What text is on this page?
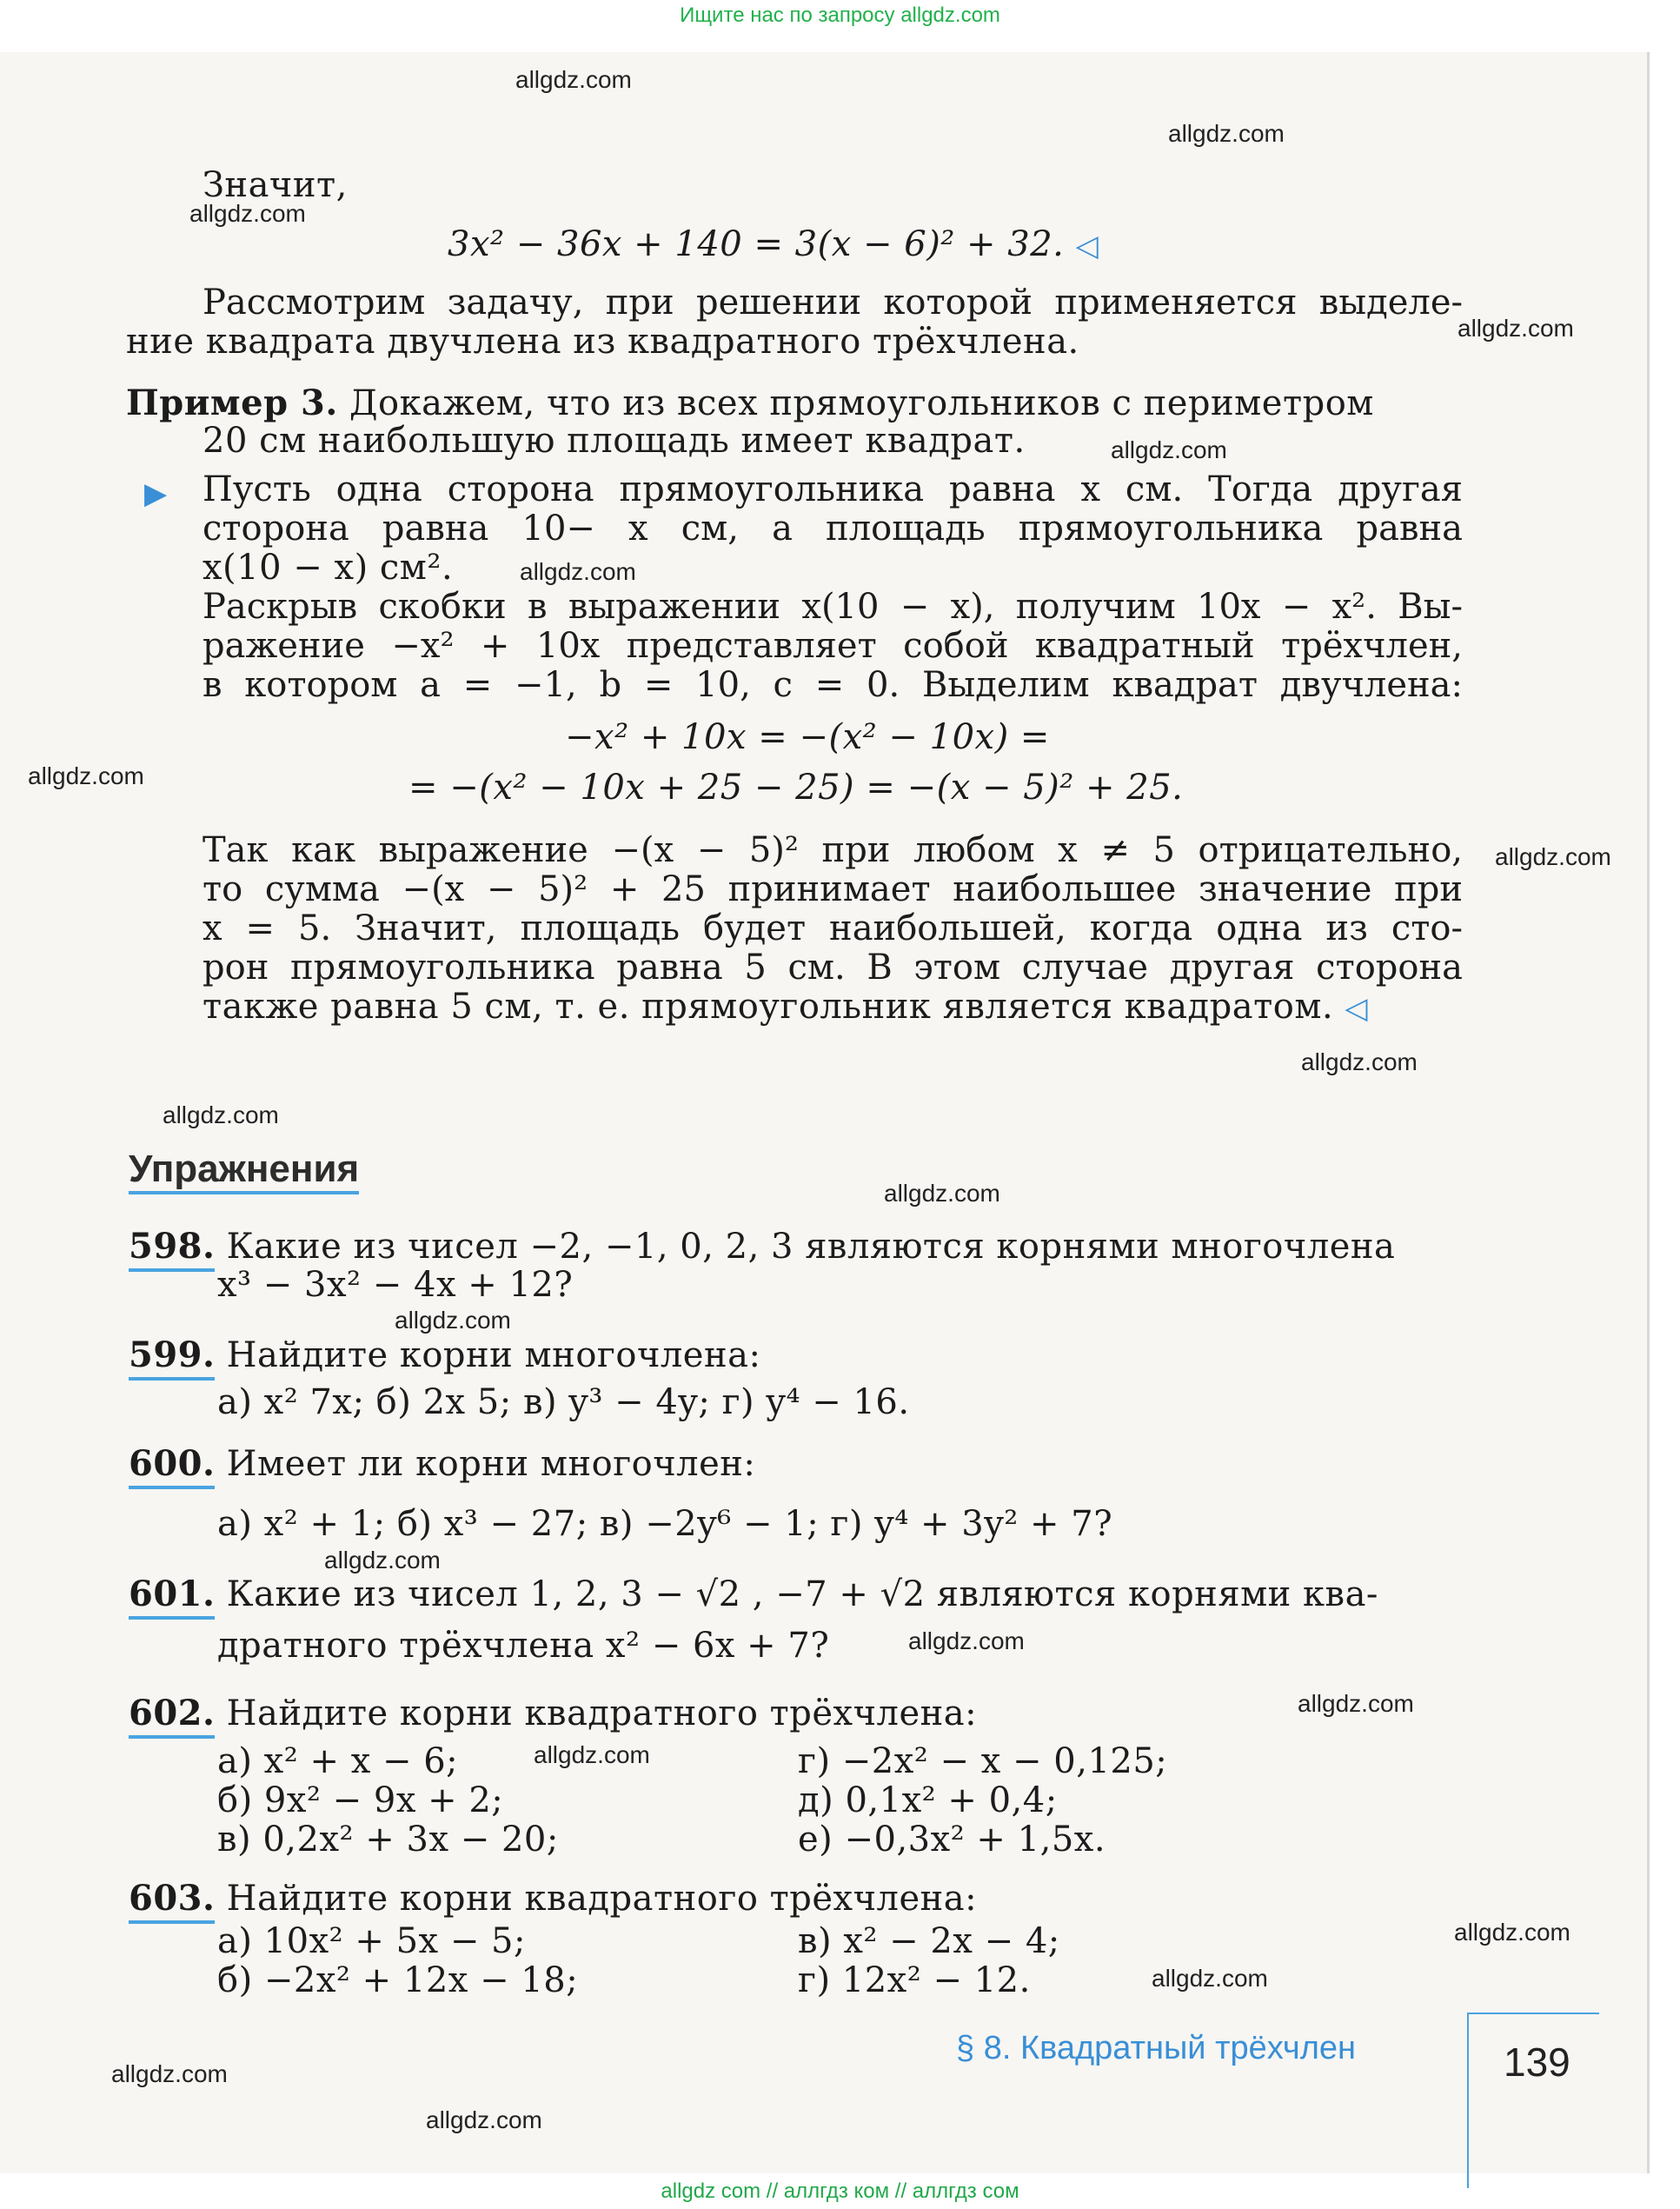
Ищите нас по запросу allgdz.com
allgdz.com
allgdz.com
allgdz.com
allgdz.com
allgdz.com
allgdz.com
allgdz.com
allgdz.com
allgdz.com
allgdz.com
allgdz.com
allgdz.com
allgdz.com
allgdz.com
allgdz.com
allgdz.com
allgdz.com
allgdz.com
allgdz.com
allgdz.com
Значит,
3x² − 36x + 140 = 3(x − 6)² + 32. ◁
Рассмотрим задачу, при решении которой применяется выделе-
ние квадрата двучлена из квадратного трёхчлена.
Пример 3. Докажем, что из всех прямоугольников с периметром
20 см наибольшую площадь имеет квадрат.
▶ Пусть одна сторона прямоугольника равна x см. Тогда другая
сторона равна 10− x см, а площадь прямоугольника равна
x(10 − x) см².
Раскрыв скобки в выражении x(10 − x), получим 10x − x². Вы-
ражение −x² + 10x представляет собой квадратный трёхчлен,
в котором a = −1, b = 10, c = 0. Выделим квадрат двучлена:
−x² + 10x = −(x² − 10x) =
= −(x² − 10x + 25 − 25) = −(x − 5)² + 25.
Так как выражение −(x − 5)² при любом x ≠ 5 отрицательно,
то сумма −(x − 5)² + 25 принимает наибольшее значение при
x = 5. Значит, площадь будет наибольшей, когда одна из сто-
рон прямоугольника равна 5 см. В этом случае другая сторона
также равна 5 см, т. е. прямоугольник является квадратом. ◁
Упражнения
598. Какие из чисел −2, −1, 0, 2, 3 являются корнями многочлена
x³ − 3x² − 4x + 12?
599. Найдите корни многочлена:
а) x² 7x; б) 2x 5; в) y³ − 4y; г) y⁴ − 16.
600. Имеет ли корни многочлен:
а) x² + 1; б) x³ − 27; в) −2y⁶ − 1; г) y⁴ + 3y² + 7?
601. Какие из чисел 1, 2, 3 − √2 , −7 + √2 являются корнями ква-
дратного трёхчлена x² − 6x + 7?
602. Найдите корни квадратного трёхчлена:
а) x² + x − 6;
б) 9x² − 9x + 2;
в) 0,2x² + 3x − 20;
г) −2x² − x − 0,125;
д) 0,1x² + 0,4;
е) −0,3x² + 1,5x.
603. Найдите корни квадратного трёхчлена:
а) 10x² + 5x − 5;
б) −2x² + 12x − 18;
в) x² − 2x − 4;
г) 12x² − 12.
§ 8. Квадратный трёхчлен	139
allgdz com // аллгдз ком // аллгдз сом
